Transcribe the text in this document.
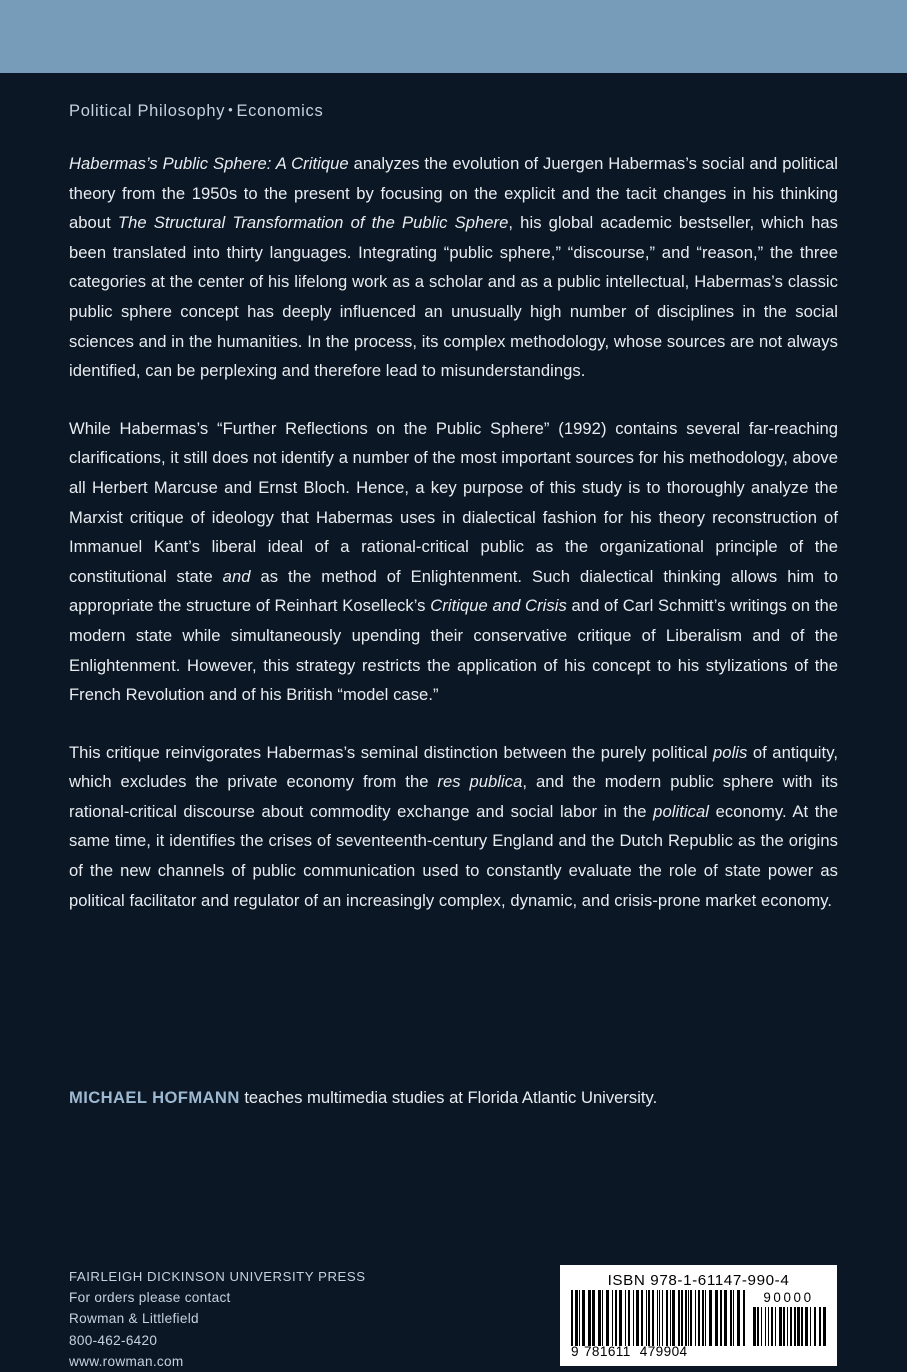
Political Philosophy • Economics

Habermas’s Public Sphere: A Critique analyzes the evolution of Juergen Habermas’s social and political theory from the 1950s to the present by focusing on the explicit and the tacit changes in his thinking about The Structural Transformation of the Public Sphere, his global academic bestseller, which has been translated into thirty languages. Integrating “public sphere,” “discourse,” and “reason,” the three categories at the center of his lifelong work as a scholar and as a public intellectual, Habermas’s classic public sphere concept has deeply influenced an unusually high number of disciplines in the social sciences and in the humanities. In the process, its complex methodology, whose sources are not always identified, can be perplexing and therefore lead to misunderstandings.

While Habermas’s “Further Reflections on the Public Sphere” (1992) contains several far-reaching clarifications, it still does not identify a number of the most important sources for his methodology, above all Herbert Marcuse and Ernst Bloch. Hence, a key purpose of this study is to thoroughly analyze the Marxist critique of ideology that Habermas uses in dialectical fashion for his theory reconstruction of Immanuel Kant’s liberal ideal of a rational-critical public as the organizational principle of the constitutional state and as the method of Enlightenment. Such dialectical thinking allows him to appropriate the structure of Reinhart Koselleck’s Critique and Crisis and of Carl Schmitt’s writings on the modern state while simultaneously upending their conservative critique of Liberalism and of the Enlightenment. However, this strategy restricts the application of his concept to his stylizations of the French Revolution and of his British “model case.”

This critique reinvigorates Habermas’s seminal distinction between the purely political polis of antiquity, which excludes the private economy from the res publica, and the modern public sphere with its rational-critical discourse about commodity exchange and social labor in the political economy. At the same time, it identifies the crises of seventeenth-century England and the Dutch Republic as the origins of the new channels of public communication used to constantly evaluate the role of state power as political facilitator and regulator of an increasingly complex, dynamic, and crisis-prone market economy.

MICHAEL HOFMANN teaches multimedia studies at Florida Atlantic University.
FAIRLEIGH DICKINSON UNIVERSITY PRESS
For orders please contact
Rowman & Littlefield
800-462-6420
www.rowman.com
ISBN 978-1-61147-990-4
9 781611 479904
90000
